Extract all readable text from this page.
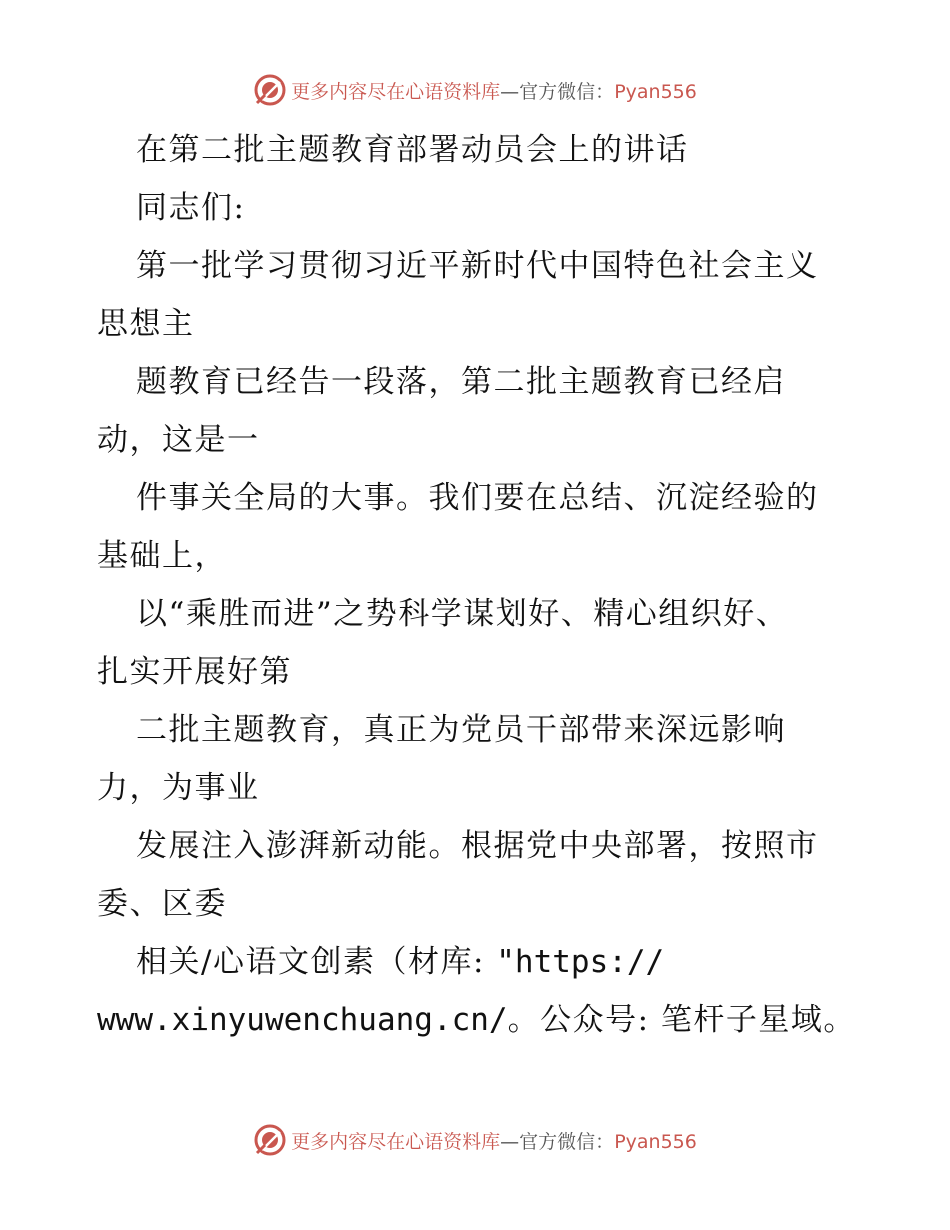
更多内容尽在心语资料库—官方微信：Pyan556
在第二批主题教育部署动员会上的讲话
同志们:
第一批学习贯彻习近平新时代中国特色社会主义
思想主
题教育已经告一段落，第二批主题教育已经启
动，这是一
件事关全局的大事。我们要在总结、沉淀经验的
基础上，
以“乘胜而进”之势科学谋划好、精心组织好、
扎实开展好第
二批主题教育，真正为党员干部带来深远影响
力，为事业
发展注入澎湃新动能。根据党中央部署，按照市
委、区委
相关/心语文创素（材库: "https://
www.xinyuwenchuang.cn/。公众号: 笔杆子星域。
更多内容尽在心语资料库—官方微信：Pyan556
